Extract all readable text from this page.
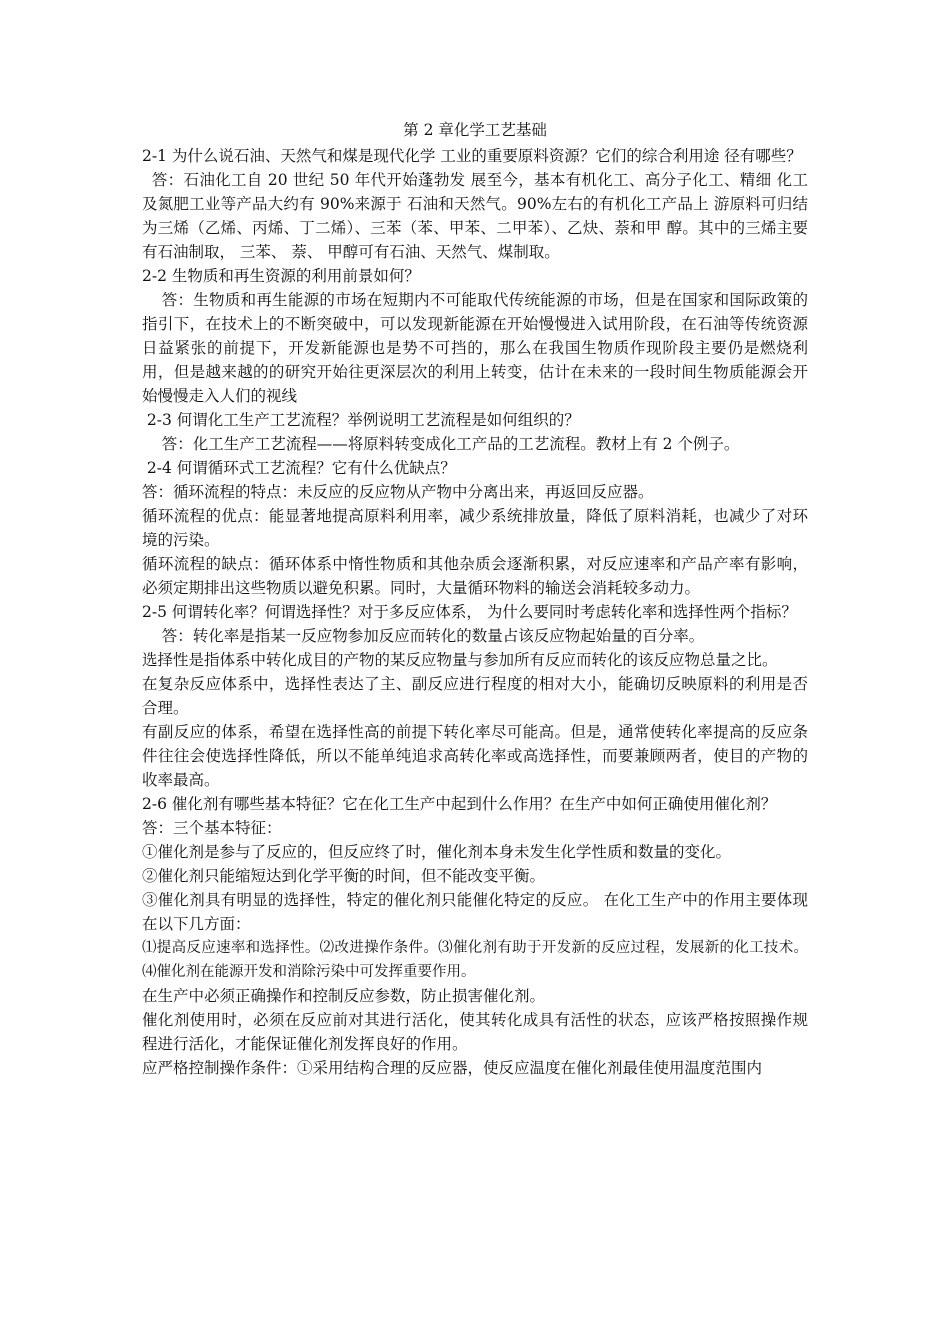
第 2 章化学工艺基础

2-1 为什么说石油、天然气和煤是现代化学 工业的重要原料资源？它们的综合利用途 径有哪些？

答：石油化工自 20 世纪 50 年代开始蓬勃发 展至今，基本有机化工、高分子化工、精细 化工及氮肥工业等产品大约有 90%来源于 石油和天然气。90%左右的有机化工产品上 游原料可归结为三烯（乙烯、丙烯、丁二烯）、三苯（苯、甲苯、二甲苯）、乙炔、萘和甲 醇。其中的三烯主要有石油制取， 三苯、 萘、 甲醇可有石油、天然气、煤制取。

2-2 生物质和再生资源的利用前景如何？

答：生物质和再生能源的市场在短期内不可能取代传统能源的市场，但是在国家和国际政策的指引下，在技术上的不断突破中，可以发现新能源在开始慢慢进入试用阶段，在石油等传统资源日益紧张的前提下，开发新能源也是势不可挡的，那么在我国生物质作现阶段主要仍是燃烧利用，但是越来越的的研究开始往更深层次的利用上转变，估计在未来的一段时间生物质能源会开始慢慢走入人们的视线

2-3 何谓化工生产工艺流程？举例说明工艺流程是如何组织的？

答：化工生产工艺流程——将原料转变成化工产品的工艺流程。教材上有 2 个例子。

2-4 何谓循环式工艺流程？它有什么优缺点？

答：循环流程的特点：未反应的反应物从产物中分离出来，再返回反应器。

循环流程的优点：能显著地提高原料利用率，减少系统排放量，降低了原料消耗，也减少了对环境的污染。

循环流程的缺点：循环体系中惰性物质和其他杂质会逐渐积累，对反应速率和产品产率有影响，必须定期排出这些物质以避免积累。同时，大量循环物料的输送会消耗较多动力。

2-5 何谓转化率？何谓选择性？对于多反应体系， 为什么要同时考虑转化率和选择性两个指标？

答：转化率是指某一反应物参加反应而转化的数量占该反应物起始量的百分率。

选择性是指体系中转化成目的产物的某反应物量与参加所有反应而转化的该反应物总量之比。

在复杂反应体系中，选择性表达了主、副反应进行程度的相对大小，能确切反映原料的利用是否合理。

有副反应的体系，希望在选择性高的前提下转化率尽可能高。但是，通常使转化率提高的反应条件往往会使选择性降低，所以不能单纯追求高转化率或高选择性，而要兼顾两者，使目的产物的收率最高。

2-6 催化剂有哪些基本特征？它在化工生产中起到什么作用？在生产中如何正确使用催化剂？

答：三个基本特征：

①催化剂是参与了反应的，但反应终了时，催化剂本身未发生化学性质和数量的变化。

②催化剂只能缩短达到化学平衡的时间，但不能改变平衡。

③催化剂具有明显的选择性，特定的催化剂只能催化特定的反应。 在化工生产中的作用主要体现在以下几方面：

⑴提高反应速率和选择性。⑵改进操作条件。⑶催化剂有助于开发新的反应过程，发展新的化工技术。⑷催化剂在能源开发和消除污染中可发挥重要作用。

在生产中必须正确操作和控制反应参数，防止损害催化剂。

催化剂使用时，必须在反应前对其进行活化，使其转化成具有活性的状态，应该严格按照操作规程进行活化，才能保证催化剂发挥良好的作用。

应严格控制操作条件：①采用结构合理的反应器，使反应温度在催化剂最佳使用温度范围内
